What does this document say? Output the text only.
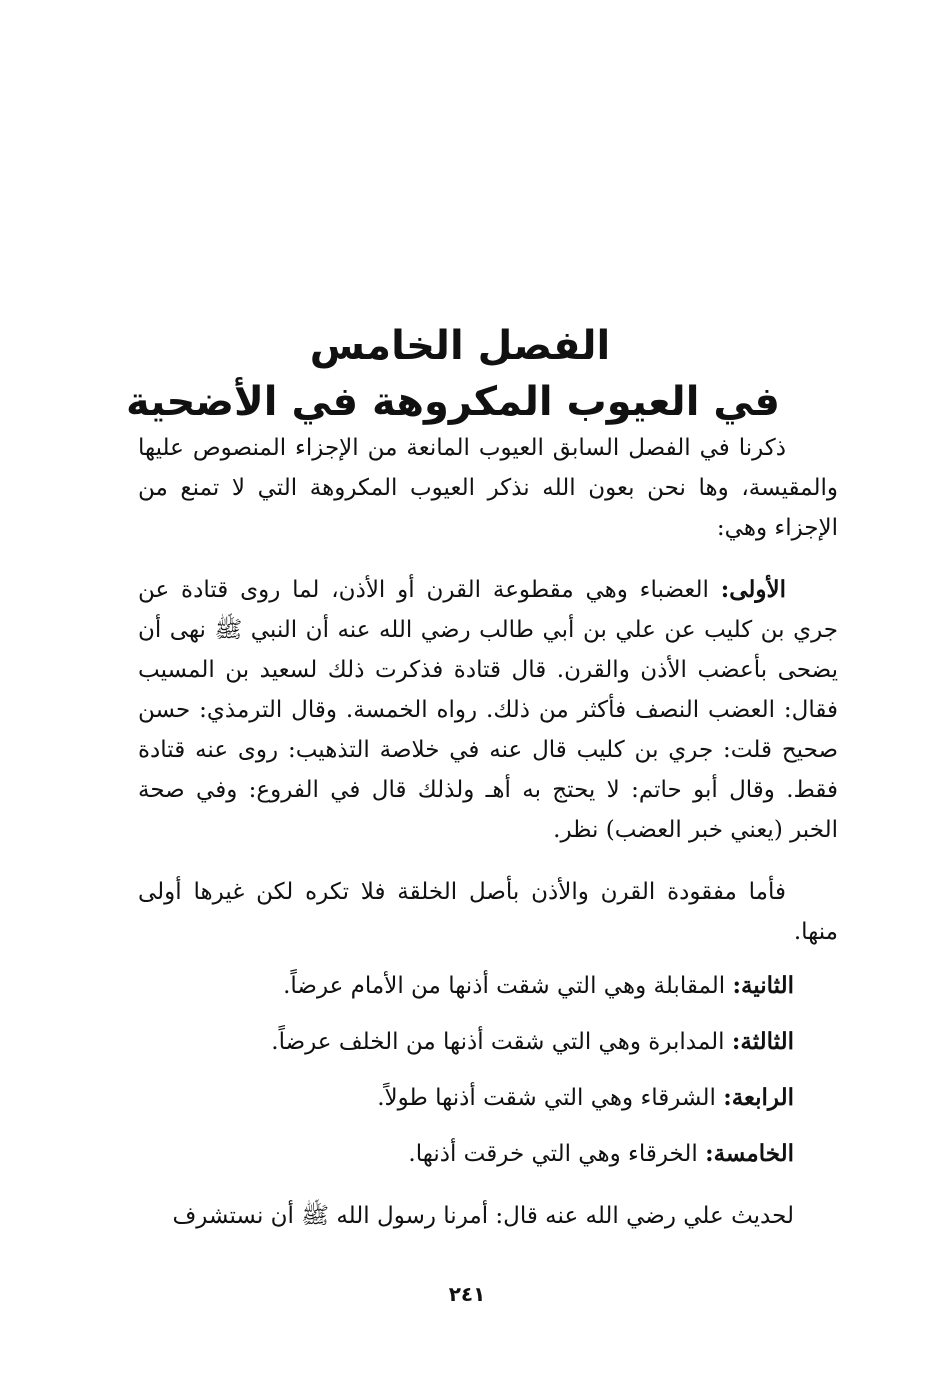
الفصل الخامس
في العيوب المكروهة في الأضحية
ذكرنا في الفصل السابق العيوب المانعة من الإجزاء المنصوص عليها والمقيسة، وها نحن بعون الله نذكر العيوب المكروهة التي لا تمنع من الإجزاء وهي:
الأولى: العضباء وهي مقطوعة القرن أو الأذن، لما روى قتادة عن جري بن كليب عن علي بن أبي طالب رضي الله عنه أن النبي ﷺ نهى أن يضحى بأعضب الأذن والقرن. قال قتادة فذكرت ذلك لسعيد بن المسيب فقال: العضب النصف فأكثر من ذلك. رواه الخمسة. وقال الترمذي: حسن صحيح قلت: جري بن كليب قال عنه في خلاصة التذهيب: روى عنه قتادة فقط. وقال أبو حاتم: لا يحتج به أهـ ولذلك قال في الفروع: وفي صحة الخبر (يعني خبر العضب) نظر.
فأما مفقودة القرن والأذن بأصل الخلقة فلا تكره لكن غيرها أولى منها.
الثانية: المقابلة وهي التي شقت أذنها من الأمام عرضاً.
الثالثة: المدابرة وهي التي شقت أذنها من الخلف عرضاً.
الرابعة: الشرقاء وهي التي شقت أذنها طولاً.
الخامسة: الخرقاء وهي التي خرقت أذنها.
لحديث علي رضي الله عنه قال: أمرنا رسول الله ﷺ أن نستشرف
٢٤١
